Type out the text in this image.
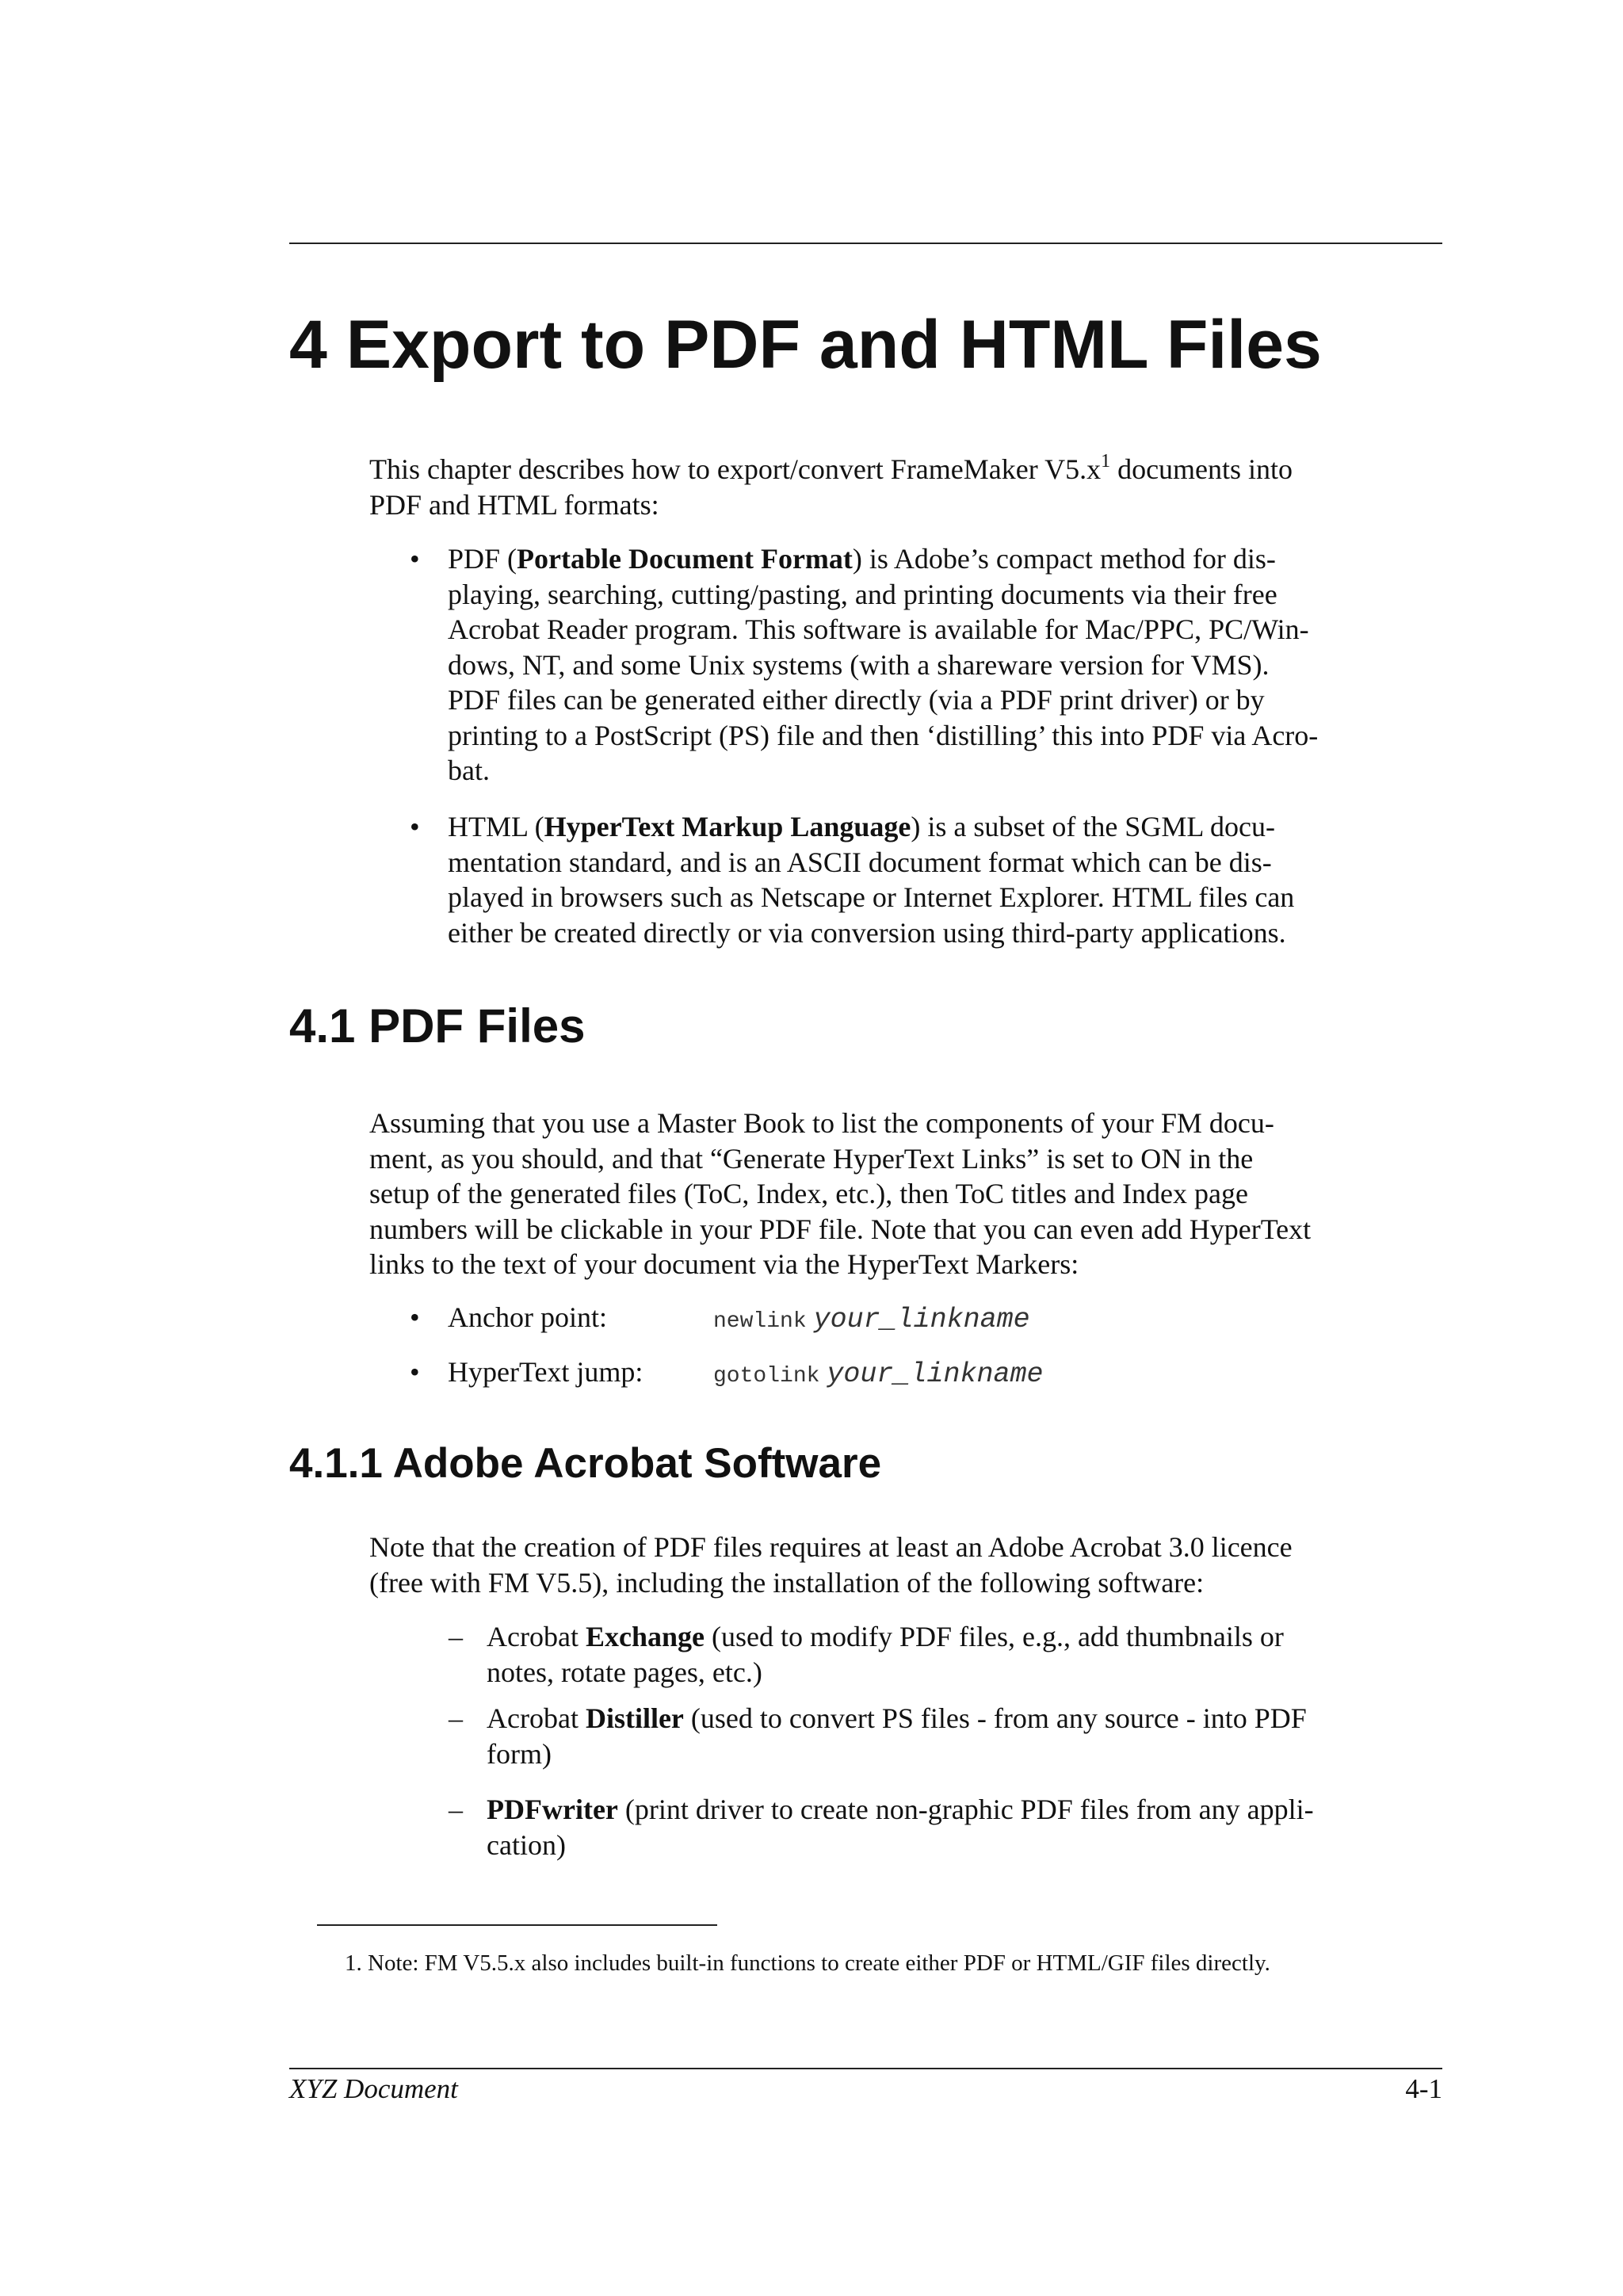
4 Export to PDF and HTML Files
This chapter describes how to export/convert FrameMaker $V5.x^1$ documents into
PDF and HTML formats:
• PDF (Portable Document Format) is Adobe’s compact method for dis-
playing, searching, cutting/pasting, and printing documents via their free
Acrobat Reader program. This software is available for Mac/PPC, PC/Win-
dows, NT, and some Unix systems (with a shareware version for VMS).
PDF files can be generated either directly (via a PDF print driver) or by
printing to a PostScript (PS) file and then ‘distilling’ this into PDF via Acro-
bat.
• HTML (HyperText Markup Language) is a subset of the SGML docu-
mentation standard, and is an ASCII document format which can be dis-
played in browsers such as Netscape or Internet Explorer. HTML files can
either be created directly or via conversion using third-party applications.
4.1 PDF Files
Assuming that you use a Master Book to list the components of your FM docu-
ment, as you should, and that “Generate HyperText Links” is set to ON in the
setup of the generated files (ToC, Index, etc.), then ToC titles and Index page
numbers will be clickable in your PDF file. Note that you can even add HyperText
links to the text of your document via the HyperText Markers:
• Anchor point:	newlink your_linkname
• HyperText jump:	gotolink your_linkname
4.1.1 Adobe Acrobat Software
Note that the creation of PDF files requires at least an Adobe Acrobat 3.0 licence
(free with FM V5.5), including the installation of the following software:
– Acrobat Exchange (used to modify PDF files, e.g., add thumbnails or
notes, rotate pages, etc.)
– Acrobat Distiller (used to convert PS files - from any source - into PDF
form)
– PDFwriter (print driver to create non-graphic PDF files from any appli-
cation)
1. Note: FM V5.5.x also includes built-in functions to create either PDF or HTML/GIF files directly.
XYZ Document	4-1
